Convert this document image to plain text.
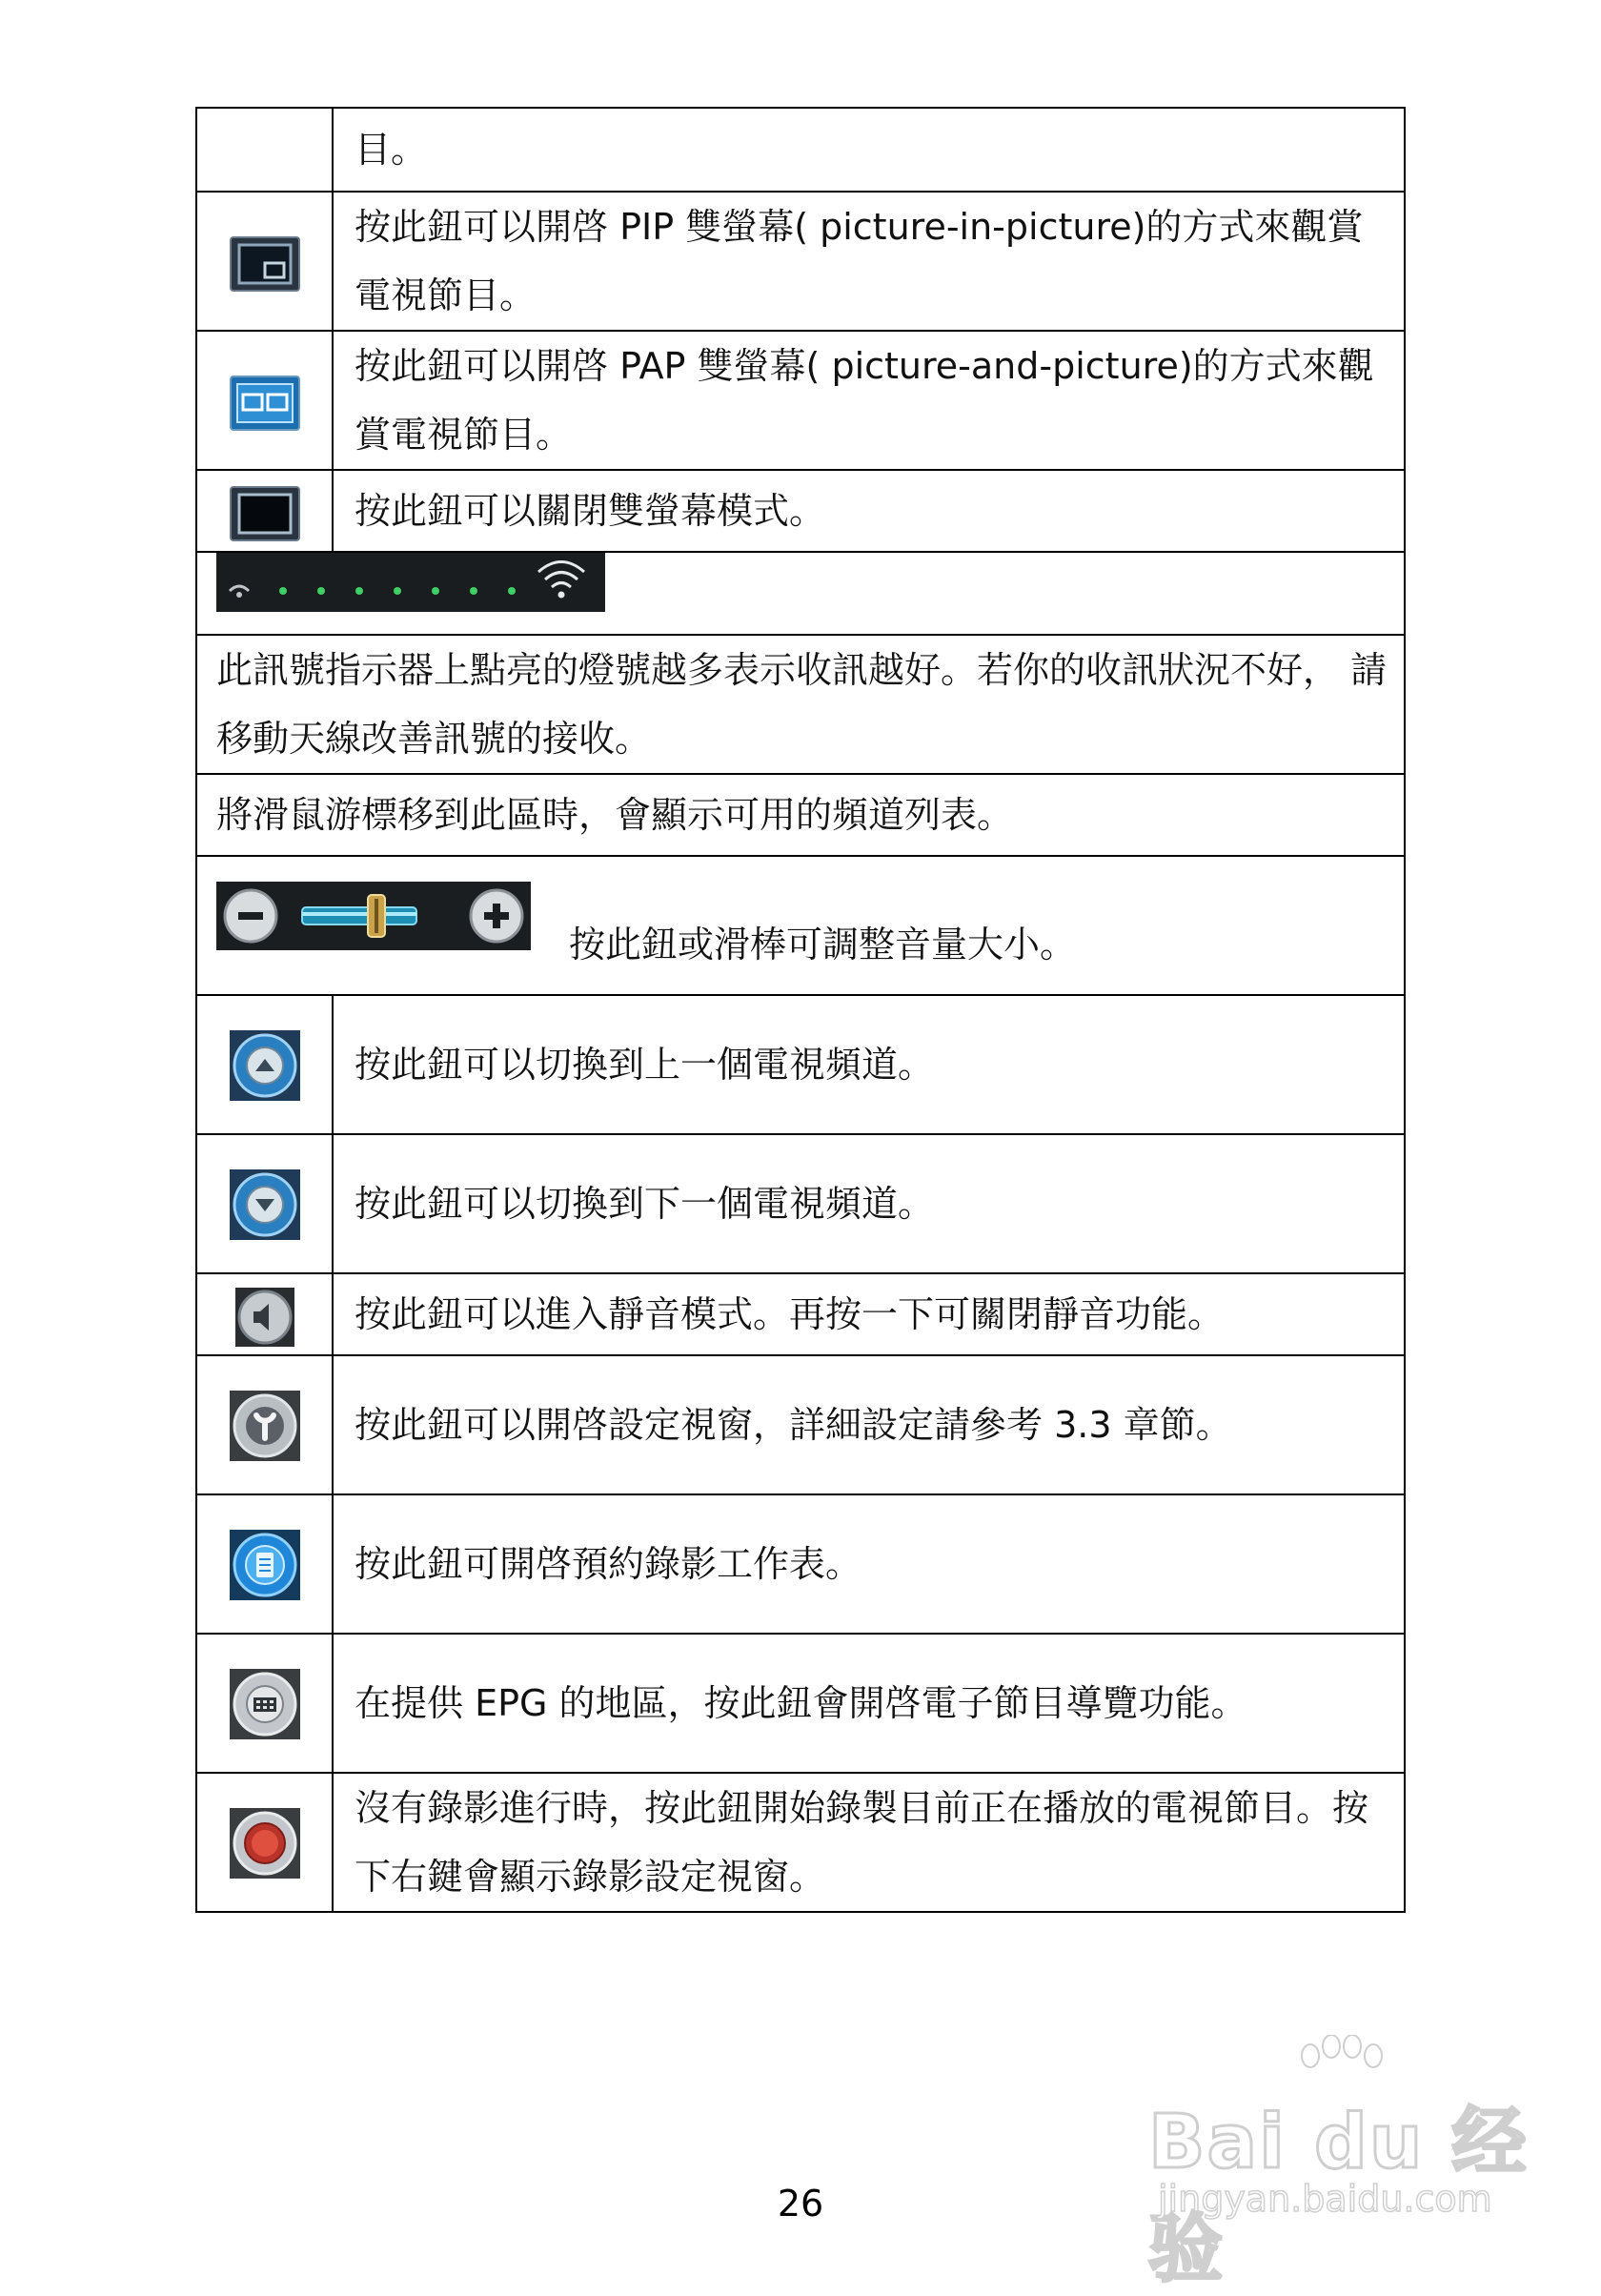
	目。

	按此鈕可以開啓 PIP 雙螢幕( picture-in-picture)的方式來觀賞電視節目。

	按此鈕可以開啓 PAP 雙螢幕( picture-and-picture)的方式來觀賞電視節目。

	按此鈕可以關閉雙螢幕模式。

此訊號指示器上點亮的燈號越多表示收訊越好。若你的收訊狀況不好， 請移動天線改善訊號的接收。	
將滑鼠游標移到此區時，會顯示可用的頻道列表。	

按此鈕或滑棒可調整音量大小。	

	按此鈕可以切換到上一個電視頻道。

	按此鈕可以切換到下一個電視頻道。

	按此鈕可以進入靜音模式。再按一下可關閉靜音功能。

	按此鈕可以開啓設定視窗，詳細設定請參考 3.3 章節。

	按此鈕可開啓預約錄影工作表。

	在提供 EPG 的地區，按此鈕會開啓電子節目導覽功能。

	沒有錄影進行時，按此鈕開始錄製目前正在播放的電視節目。按下右鍵會顯示錄影設定視窗。
26
Bai du 经验
jingyan.baidu.com
